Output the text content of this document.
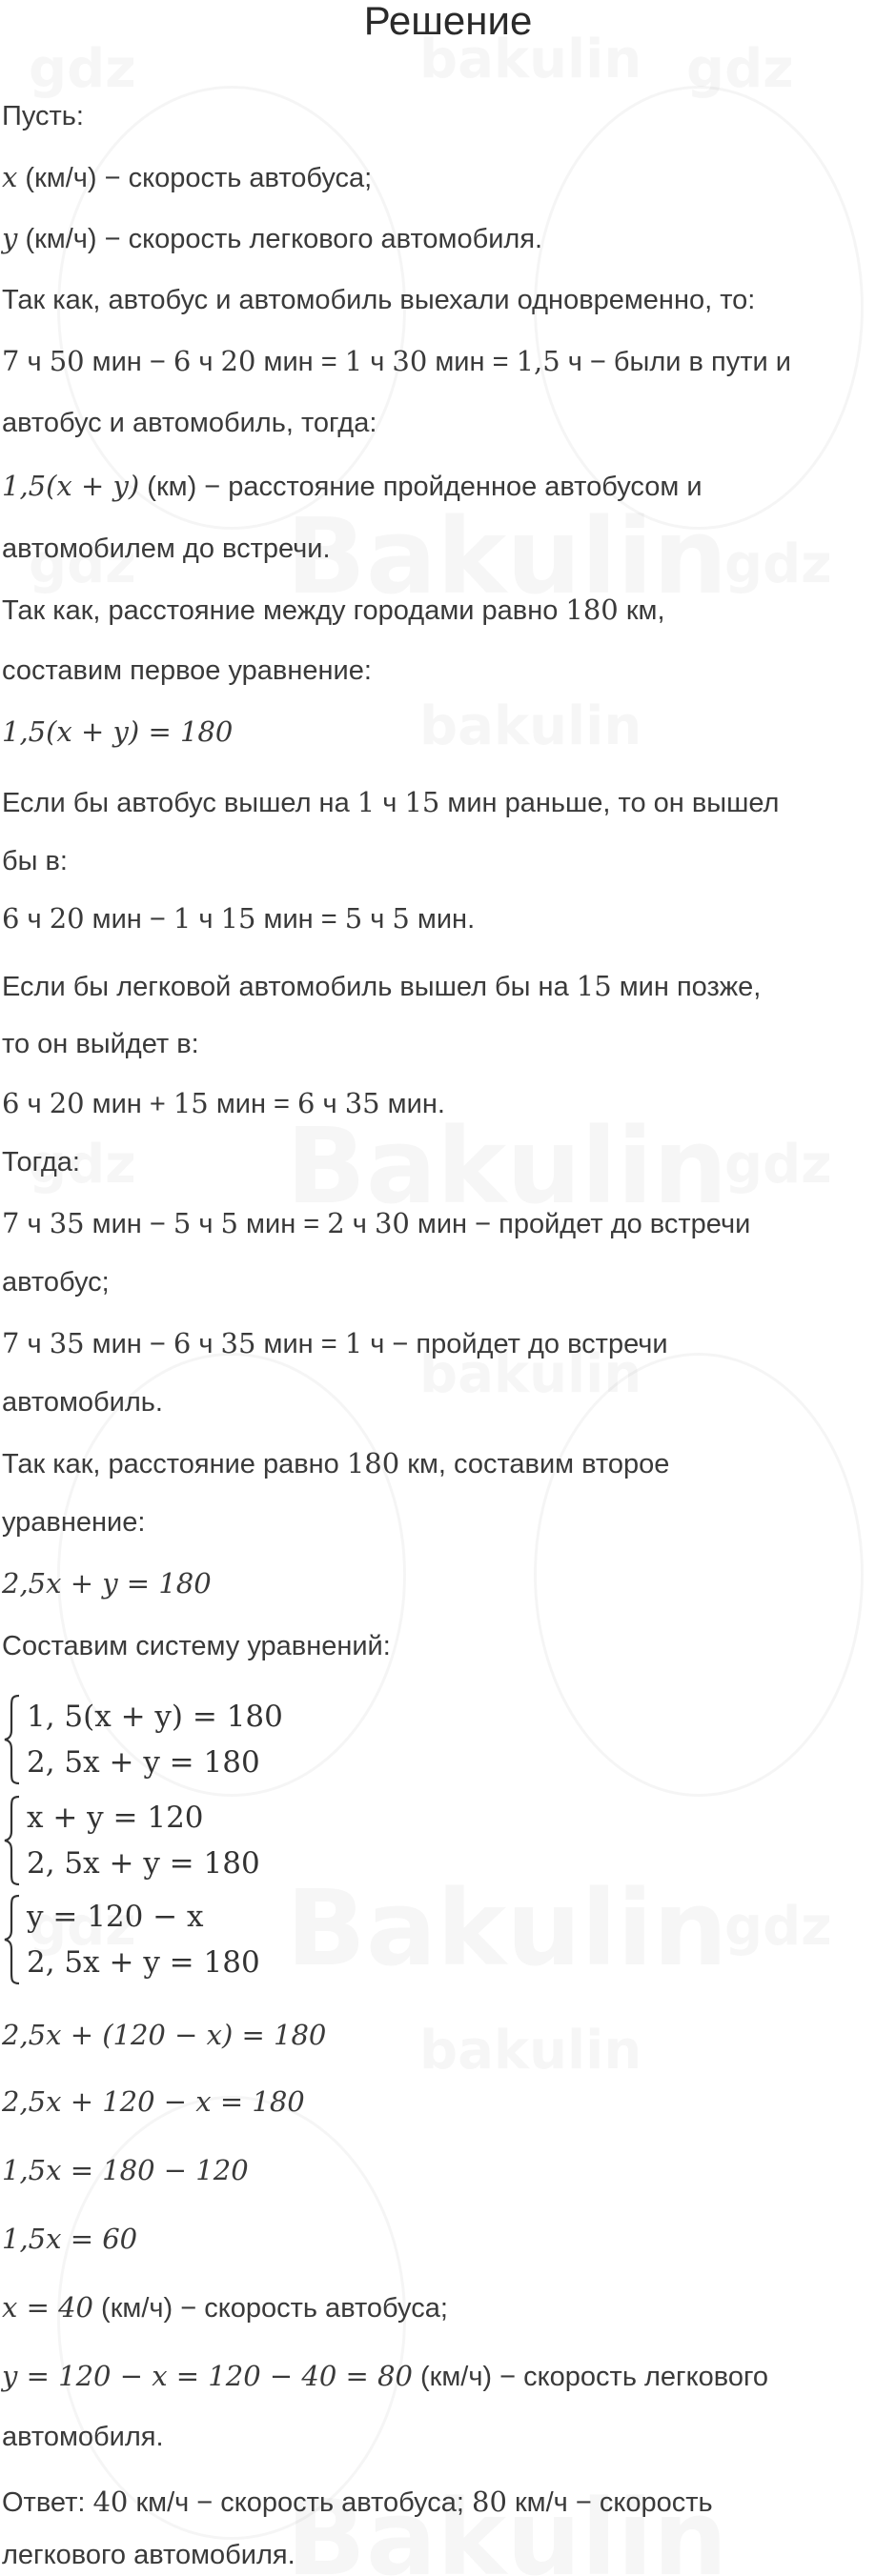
Решение
Пусть:
x (км/ч) − скорость автобуса;
y (км/ч) − скорость легкового автомобиля.
Так как, автобус и автомобиль выехали одновременно, то:
7 ч 50 мин − 6 ч 20 мин = 1 ч 30 мин = 1,5 ч − были в пути и
автобус и автомобиль, тогда:
1,5(x + y) (км) − расстояние пройденное автобусом и
автомобилем до встречи.
Так как, расстояние между городами равно 180 км,
составим первое уравнение:
1,5(x + y) = 180
Если бы автобус вышел на 1 ч 15 мин раньше, то он вышел
бы в:
6 ч 20 мин − 1 ч 15 мин = 5 ч 5 мин.
Если бы легковой автомобиль вышел бы на 15 мин позже,
то он выйдет в:
6 ч 20 мин + 15 мин = 6 ч 35 мин.
Тогда:
7 ч 35 мин − 5 ч 5 мин = 2 ч 30 мин − пройдет до встречи
автобус;
7 ч 35 мин − 6 ч 35 мин = 1 ч − пройдет до встречи
автомобиль.
Так как, расстояние равно 180 км, составим второе
уравнение:
2,5x + y = 180
Составим систему уравнений:
1, 5(x + y) = 180
2, 5x + y = 180
x + y = 120
2, 5x + y = 180
y = 120 − x
2, 5x + y = 180
2,5x + (120 − x) = 180
2,5x + 120 − x = 180
1,5x = 180 − 120
1,5x = 60
x = 40 (км/ч) − скорость автобуса;
y = 120 − x = 120 − 40 = 80 (км/ч) − скорость легкового
автомобиля.
Ответ: 40 км/ч − скорость автобуса; 80 км/ч − скорость
легкового автомобиля.
